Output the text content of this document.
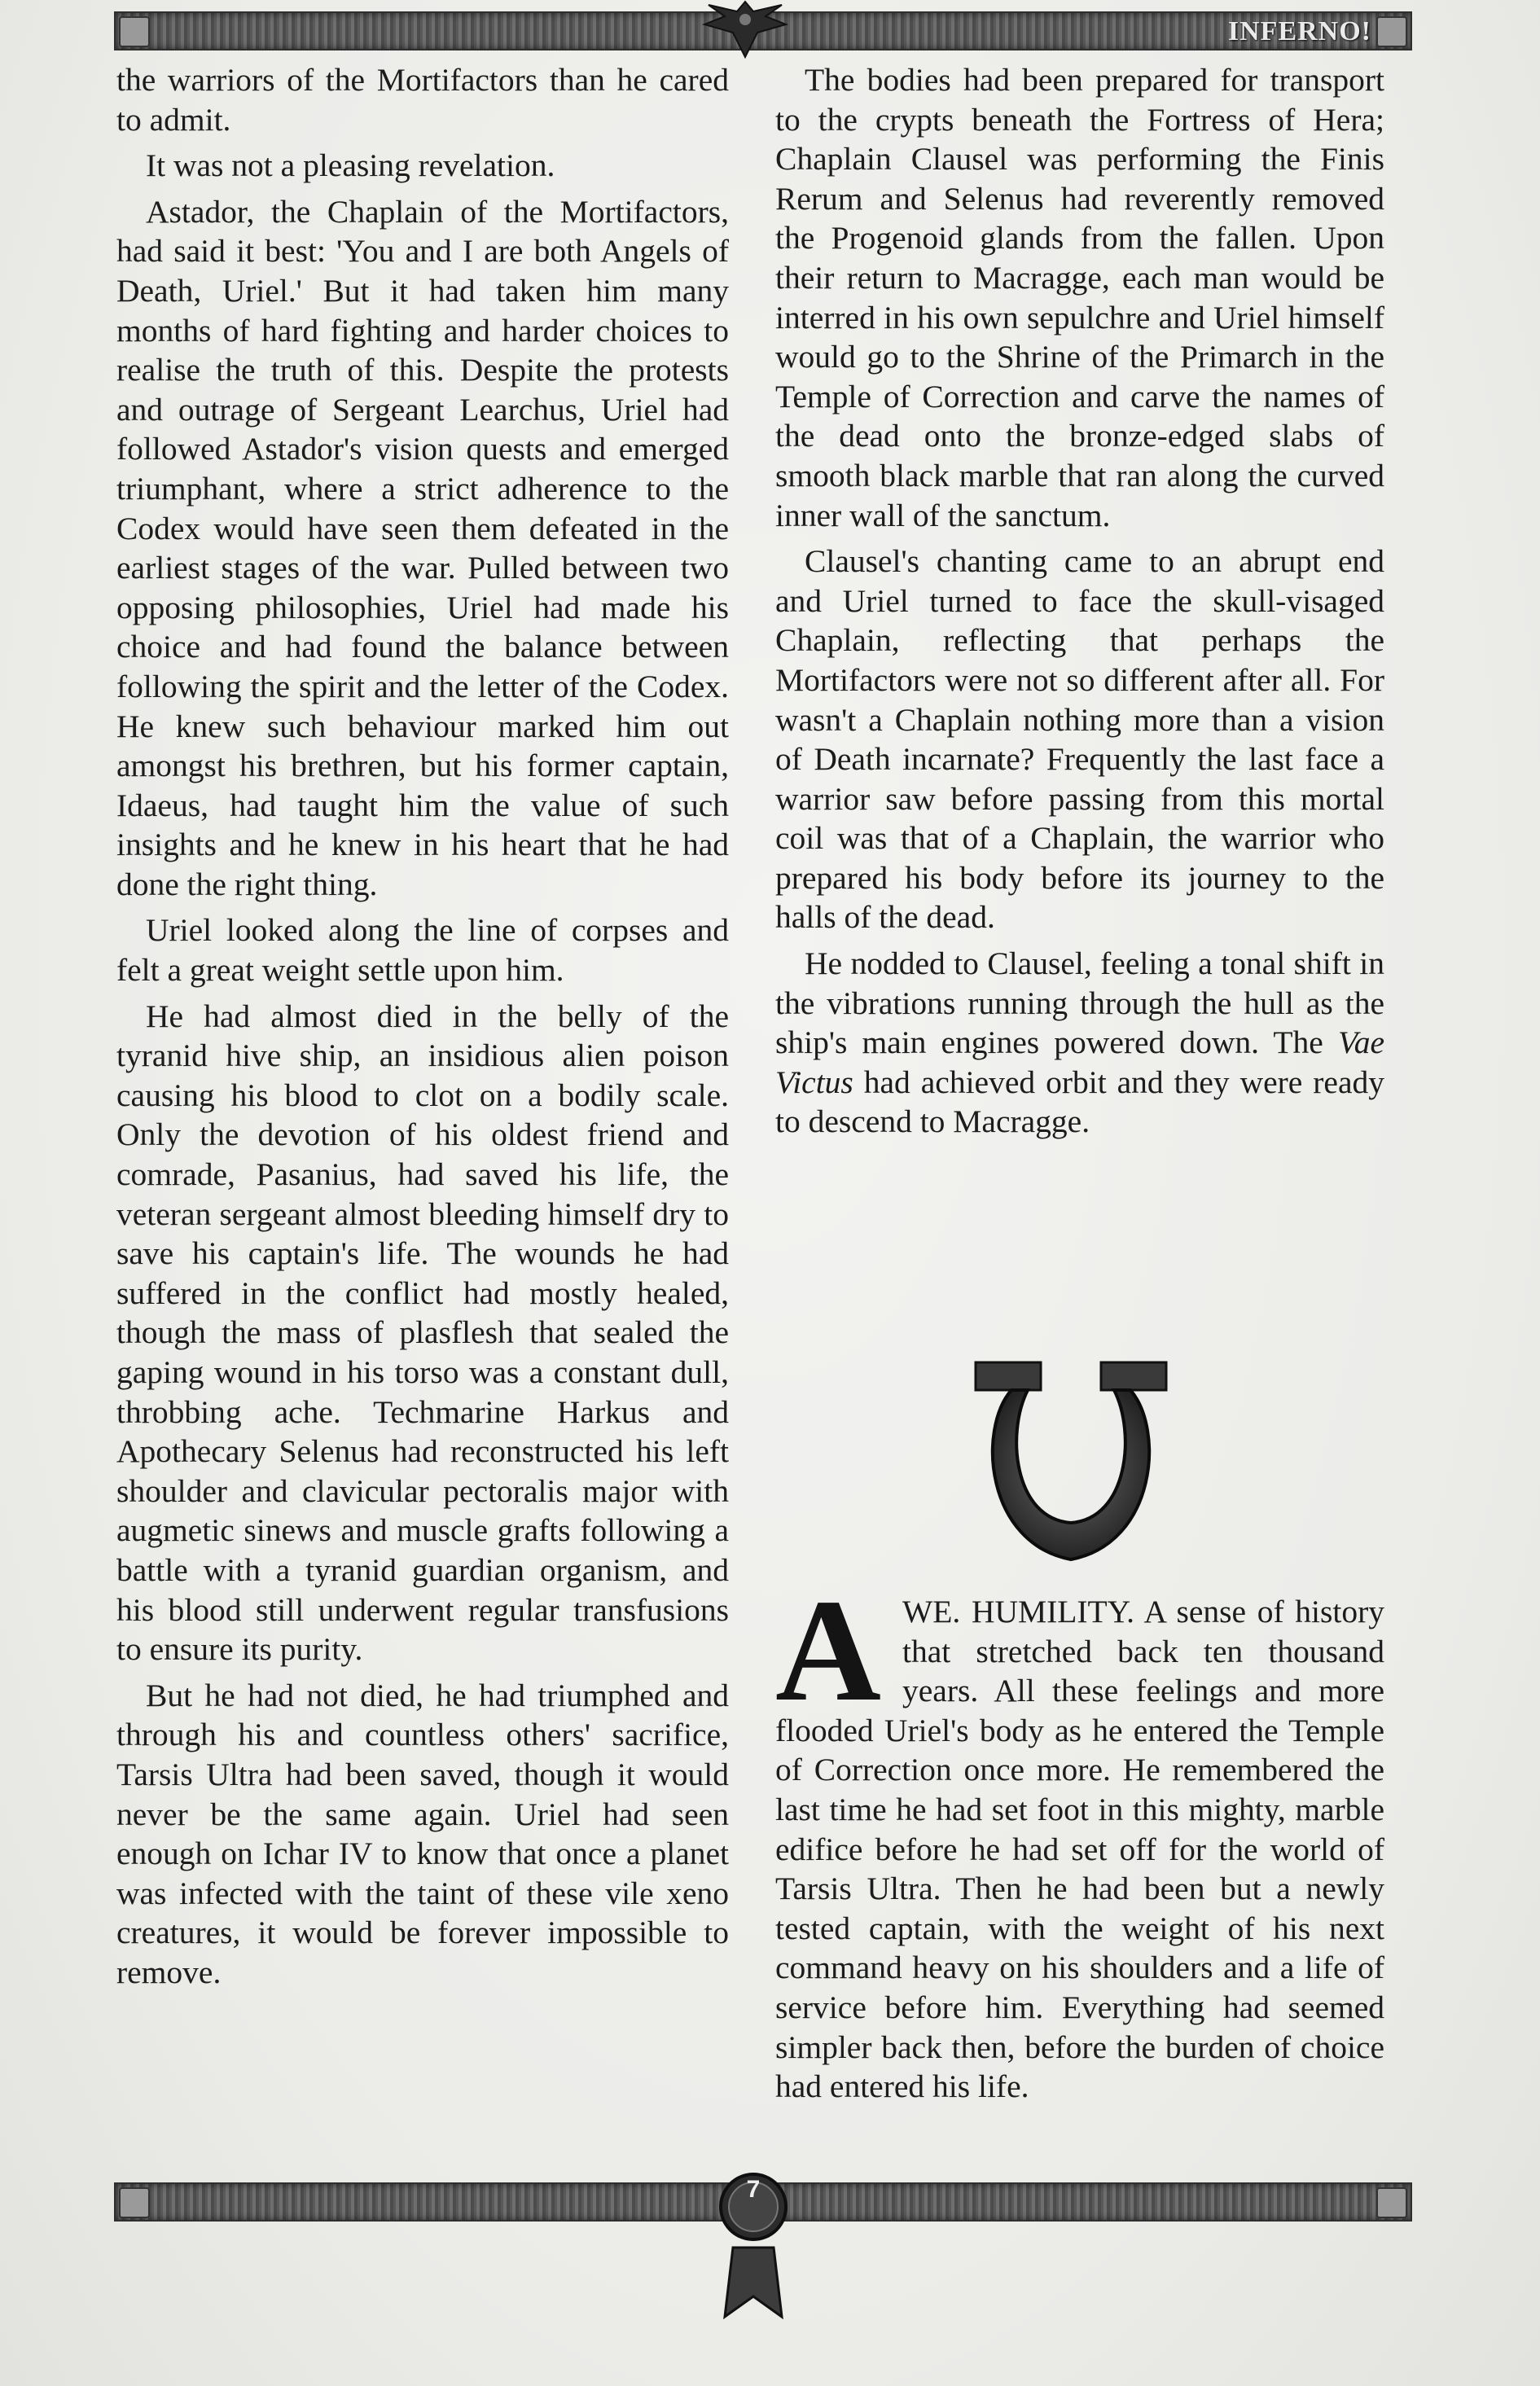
INFERNO!

the warriors of the Mortifactors than he cared to admit.

It was not a pleasing revelation.

Astador, the Chaplain of the Mortifactors, had said it best: 'You and I are both Angels of Death, Uriel.' But it had taken him many months of hard fighting and harder choices to realise the truth of this. Despite the protests and outrage of Sergeant Learchus, Uriel had followed Astador's vision quests and emerged triumphant, where a strict adherence to the Codex would have seen them defeated in the earliest stages of the war. Pulled between two opposing philosophies, Uriel had made his choice and had found the balance between following the spirit and the letter of the Codex. He knew such behaviour marked him out amongst his brethren, but his former captain, Idaeus, had taught him the value of such insights and he knew in his heart that he had done the right thing.

Uriel looked along the line of corpses and felt a great weight settle upon him.

He had almost died in the belly of the tyranid hive ship, an insidious alien poison causing his blood to clot on a bodily scale. Only the devotion of his oldest friend and comrade, Pasanius, had saved his life, the veteran sergeant almost bleeding himself dry to save his captain's life. The wounds he had suffered in the conflict had mostly healed, though the mass of plasflesh that sealed the gaping wound in his torso was a constant dull, throbbing ache. Techmarine Harkus and Apothecary Selenus had reconstructed his left shoulder and clavicular pectoralis major with augmetic sinews and muscle grafts following a battle with a tyranid guardian organism, and his blood still underwent regular transfusions to ensure its purity.

But he had not died, he had triumphed and through his and countless others' sacrifice, Tarsis Ultra had been saved, though it would never be the same again. Uriel had seen enough on Ichar IV to know that once a planet was infected with the taint of these vile xeno creatures, it would be forever impossible to remove.

The bodies had been prepared for transport to the crypts beneath the Fortress of Hera; Chaplain Clausel was performing the Finis Rerum and Selenus had reverently removed the Progenoid glands from the fallen. Upon their return to Macragge, each man would be interred in his own sepulchre and Uriel himself would go to the Shrine of the Primarch in the Temple of Correction and carve the names of the dead onto the bronze-edged slabs of smooth black marble that ran along the curved inner wall of the sanctum.

Clausel's chanting came to an abrupt end and Uriel turned to face the skull-visaged Chaplain, reflecting that perhaps the Mortifactors were not so different after all. For wasn't a Chaplain nothing more than a vision of Death incarnate? Frequently the last face a warrior saw before passing from this mortal coil was that of a Chaplain, the warrior who prepared his body before its journey to the halls of the dead.

He nodded to Clausel, feeling a tonal shift in the vibrations running through the hull as the ship's main engines powered down. The Vae Victus had achieved orbit and they were ready to descend to Macragge.

A WE. HUMILITY. A sense of history that stretched back ten thousand years. All these feelings and more flooded Uriel's body as he entered the Temple of Correction once more. He remembered the last time he had set foot in this mighty, marble edifice before he had set off for the world of Tarsis Ultra. Then he had been but a newly tested captain, with the weight of his next command heavy on his shoulders and a life of service before him. Everything had seemed simpler back then, before the burden of choice had entered his life.

7
